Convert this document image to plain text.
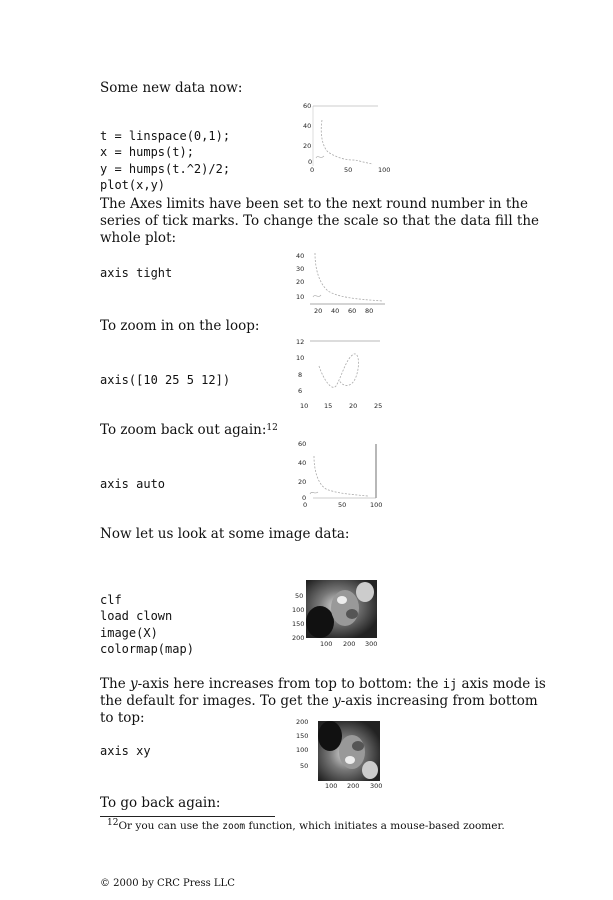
Some new data now:

t = linspace(0,1);
x = humps(t);
y = humps(t.^2)/2;
plot(x,y)

60
40
20
0
0	50	100
The Axes limits have been set to the next round number in the series of tick marks. To change the scale so that the data fill the whole plot:
axis tight
40
30
20
10
20 40 60 80
To zoom in on the loop:
axis([10 25 5 12])
12
10
8
6
10 15	20	25
To zoom back out again:$^{12}$
axis auto
60
40
20
0
0	50	100
Now let us look at some image data:

clf
load clown
image(X)
colormap(map)

50
100
150
200
100 200 300
The y-axis here increases from top to bottom: the ij axis mode is the default for images. To get the y-axis increasing from bottom to top:
axis xy
200
150
100
50
100 200 300
To go back again:
$^{12}$Or you can use the zoom function, which initiates a mouse-based zoomer.
© 2000 by CRC Press LLC
